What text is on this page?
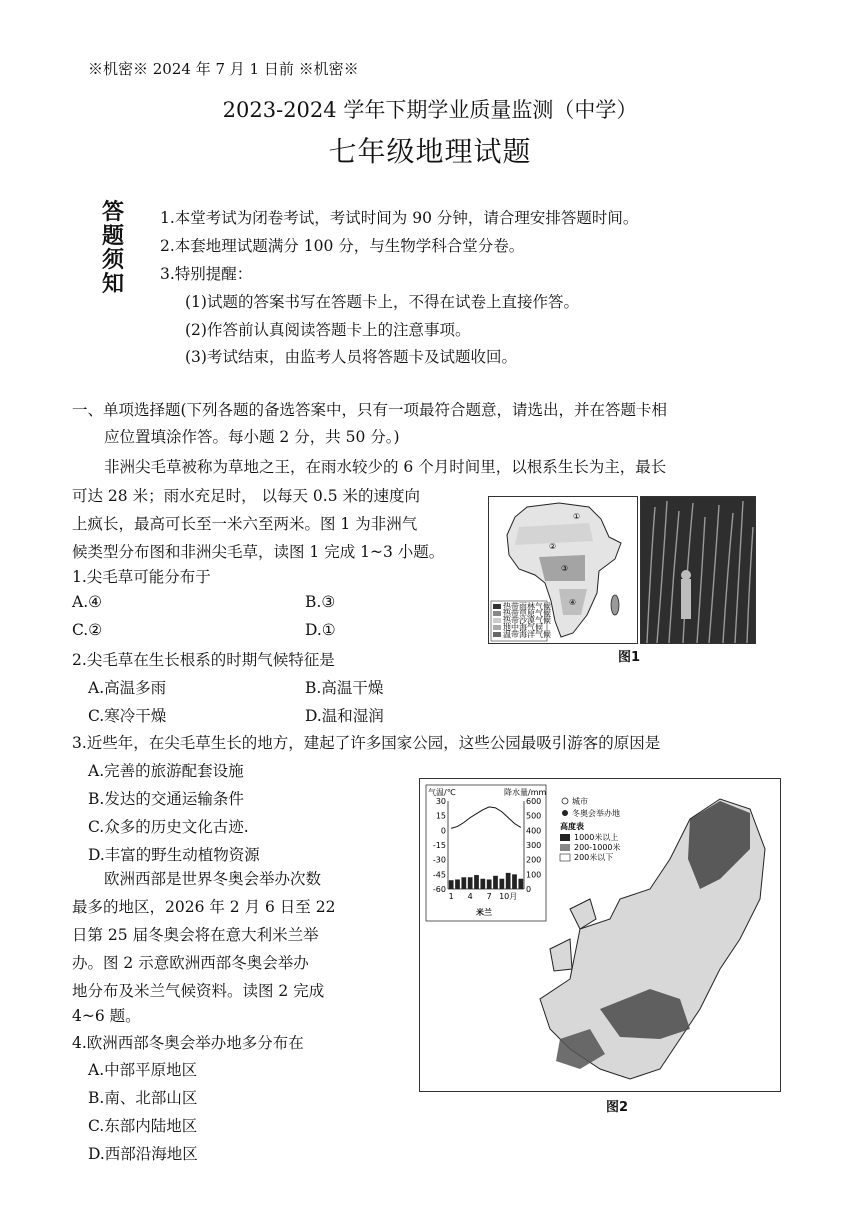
※机密※ 2024 年 7 月 1 日前 ※机密※
2023-2024 学年下期学业质量监测（中学）
七年级地理试题
答
题
须
知
1.本堂考试为闭卷考试，考试时间为 90 分钟，请合理安排答题时间。
2.本套地理试题满分 100 分，与生物学科合堂分卷。
3.特别提醒：
(1)试题的答案书写在答题卡上，不得在试卷上直接作答。
(2)作答前认真阅读答题卡上的注意事项。
(3)考试结束，由监考人员将答题卡及试题收回。
一、单项选择题(下列各题的备选答案中，只有一项最符合题意，请选出，并在答题卡相
应位置填涂作答。每小题 2 分，共 50 分。)
非洲尖毛草被称为草地之王，在雨水较少的 6 个月时间里，以根系生长为主，最长
可达 28 米；雨水充足时， 以每天 0.5 米的速度向
上疯长，最高可长至一米六至两米。图 1 为非洲气
候类型分布图和非洲尖毛草，读图 1 完成 1~3 小题。
1.尖毛草可能分布于
A.④	B.③
C.②	D.①
2.尖毛草在生长根系的时期气候特征是
A.高温多雨	B.高温干燥
C.寒冷干燥	D.温和湿润
3.近些年，在尖毛草生长的地方，建起了许多国家公园，这些公园最吸引游客的原因是
A.完善的旅游配套设施
B.发达的交通运输条件
C.众多的历史文化古迹.
D.丰富的野生动植物资源
欧洲西部是世界冬奥会举办次数
最多的地区，2026 年 2 月 6 日至 22
日第 25 届冬奥会将在意大利米兰举
办。图 2 示意欧洲西部冬奥会举办
地分布及米兰气候资料。读图 2 完成
4~6 题。
4.欧洲西部冬奥会举办地多分布在
A.中部平原地区
B.南、北部山区
C.东部内陆地区
D.西部沿海地区
①
②
③
④
热带雨林气候
热带草原气候
热带沙漠气候
地中海气候
温带海洋气候
图1
气温/℃	降水量/mm
30
15
0
-15
-30
-45
-60
600
500
400
300
200
100
0
1 4 7 10月
米兰
城市
冬奥会举办地
高度表
1000米以上
200-1000米
200米以下
图2
